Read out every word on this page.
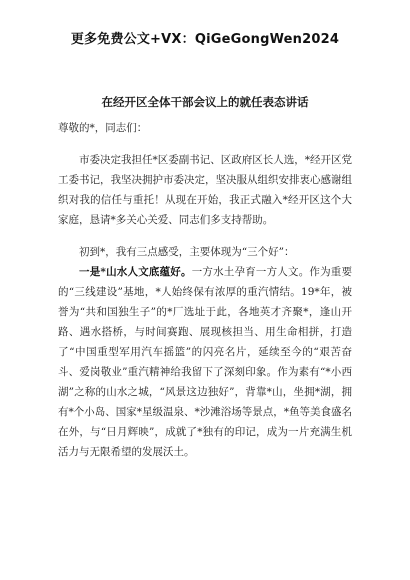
更多免费公文+VX：QiGeGongWen2024
在经开区全体干部会议上的就任表态讲话

尊敬的*，同志们：

市委决定我担任*区委副书记、区政府区长人选，*经开区党工委书记，我坚决拥护市委决定，坚决服从组织安排衷心感谢组织对我的信任与重托！从现在开始，我正式融入*经开区这个大家庭，恳请*多关心关爱、同志们多支持帮助。

初到*，我有三点感受，主要体现为“三个好”：

一是*山水人文底蕴好。一方水土孕育一方人文。作为重要的“三线建设”基地，*人始终保有浓厚的重汽情结。19*年，被誉为“共和国独生子”的*厂选址于此，各地英才齐聚*，逢山开路、遇水搭桥，与时间赛跑、展现核担当、用生命相拼，打造了“中国重型军用汽车摇篮”的闪亮名片，延续至今的“艰苦奋斗、爱岗敬业”重汽精神给我留下了深刻印象。作为素有“*小西湖”之称的山水之城，“风景这边独好”，背靠*山，坐拥*湖，拥有*个小岛、国家*星级温泉、*沙滩浴场等景点，*鱼等美食盛名在外，与“日月辉映”，成就了*独有的印记，成为一片充满生机活力与无限希望的发展沃土。
